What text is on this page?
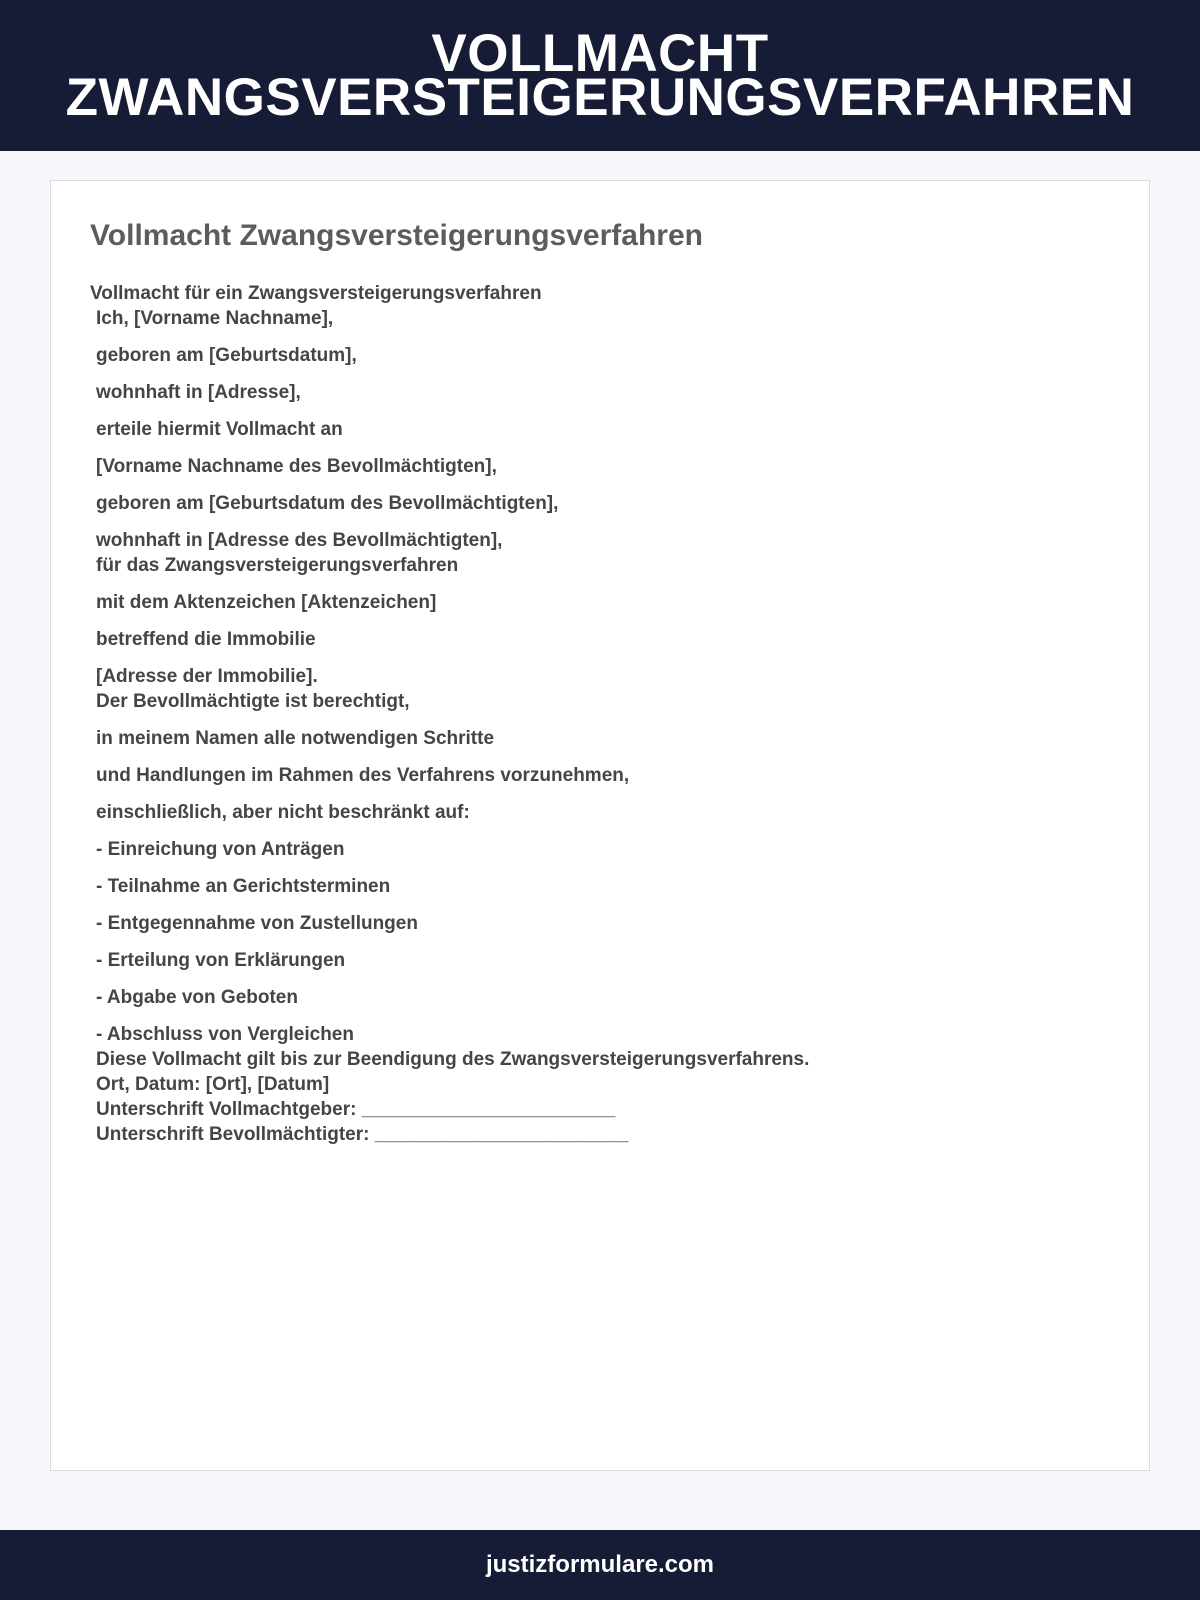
VOLLMACHT
ZWANGSVERSTEIGERUNGSVERFAHREN
Vollmacht Zwangsversteigerungsverfahren
Vollmacht für ein Zwangsversteigerungsverfahren
Ich, [Vorname Nachname],
geboren am [Geburtsdatum],
wohnhaft in [Adresse],
erteile hiermit Vollmacht an
[Vorname Nachname des Bevollmächtigten],
geboren am [Geburtsdatum des Bevollmächtigten],
wohnhaft in [Adresse des Bevollmächtigten],
für das Zwangsversteigerungsverfahren
mit dem Aktenzeichen [Aktenzeichen]
betreffend die Immobilie
[Adresse der Immobilie].
Der Bevollmächtigte ist berechtigt,
in meinem Namen alle notwendigen Schritte
und Handlungen im Rahmen des Verfahrens vorzunehmen,
einschließlich, aber nicht beschränkt auf:
- Einreichung von Anträgen
- Teilnahme an Gerichtsterminen
- Entgegennahme von Zustellungen
- Erteilung von Erklärungen
- Abgabe von Geboten
- Abschluss von Vergleichen
Diese Vollmacht gilt bis zur Beendigung des Zwangsversteigerungsverfahrens.
Ort, Datum: [Ort], [Datum]
Unterschrift Vollmachtgeber: ________________________
Unterschrift Bevollmächtigter: ________________________
justizformulare.com
